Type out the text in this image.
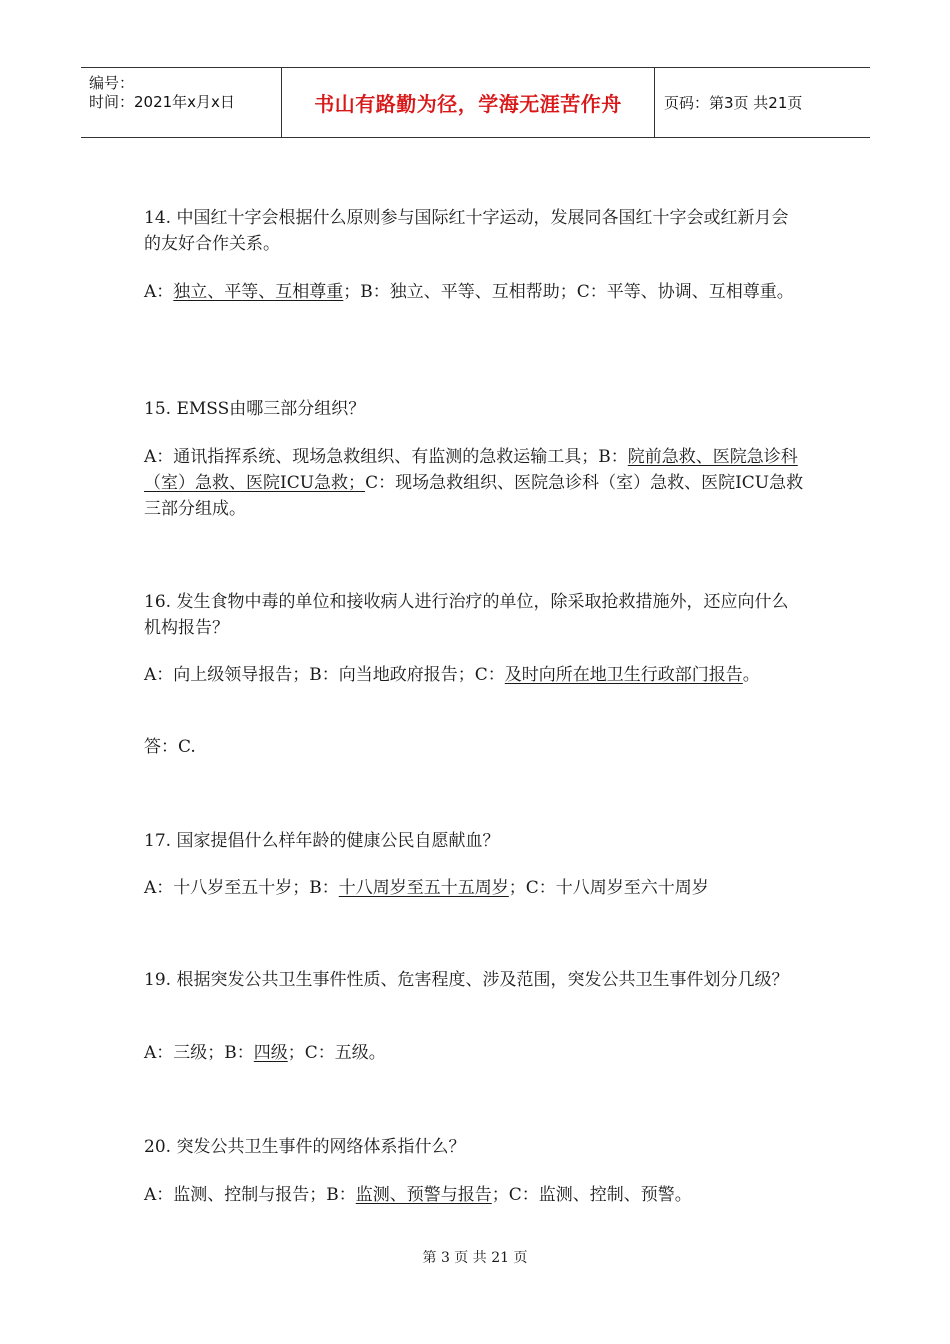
编号：
时间：2021年x月x日	书山有路勤为径，学海无涯苦作舟	页码：第3页 共21页
14. 中国红十字会根据什么原则参与国际红十字运动，发展同各国红十字会或红新月会的友好合作关系。
A：独立、平等、互相尊重；B：独立、平等、互相帮助；C：平等、协调、互相尊重。
15. EMSS由哪三部分组织？
A：通讯指挥系统、现场急救组织、有监测的急救运输工具；B：院前急救、医院急诊科（室）急救、医院ICU急救；C：现场急救组织、医院急诊科（室）急救、医院ICU急救三部分组成。
16. 发生食物中毒的单位和接收病人进行治疗的单位，除采取抢救措施外，还应向什么机构报告？
A：向上级领导报告；B：向当地政府报告；C：及时向所在地卫生行政部门报告。
答：C.
17. 国家提倡什么样年龄的健康公民自愿献血？
A：十八岁至五十岁；B：十八周岁至五十五周岁；C：十八周岁至六十周岁
19. 根据突发公共卫生事件性质、危害程度、涉及范围，突发公共卫生事件划分几级？
A：三级；B：四级；C：五级。
20. 突发公共卫生事件的网络体系指什么？
A：监测、控制与报告；B：监测、预警与报告；C：监测、控制、预警。
第 3 页 共 21 页
